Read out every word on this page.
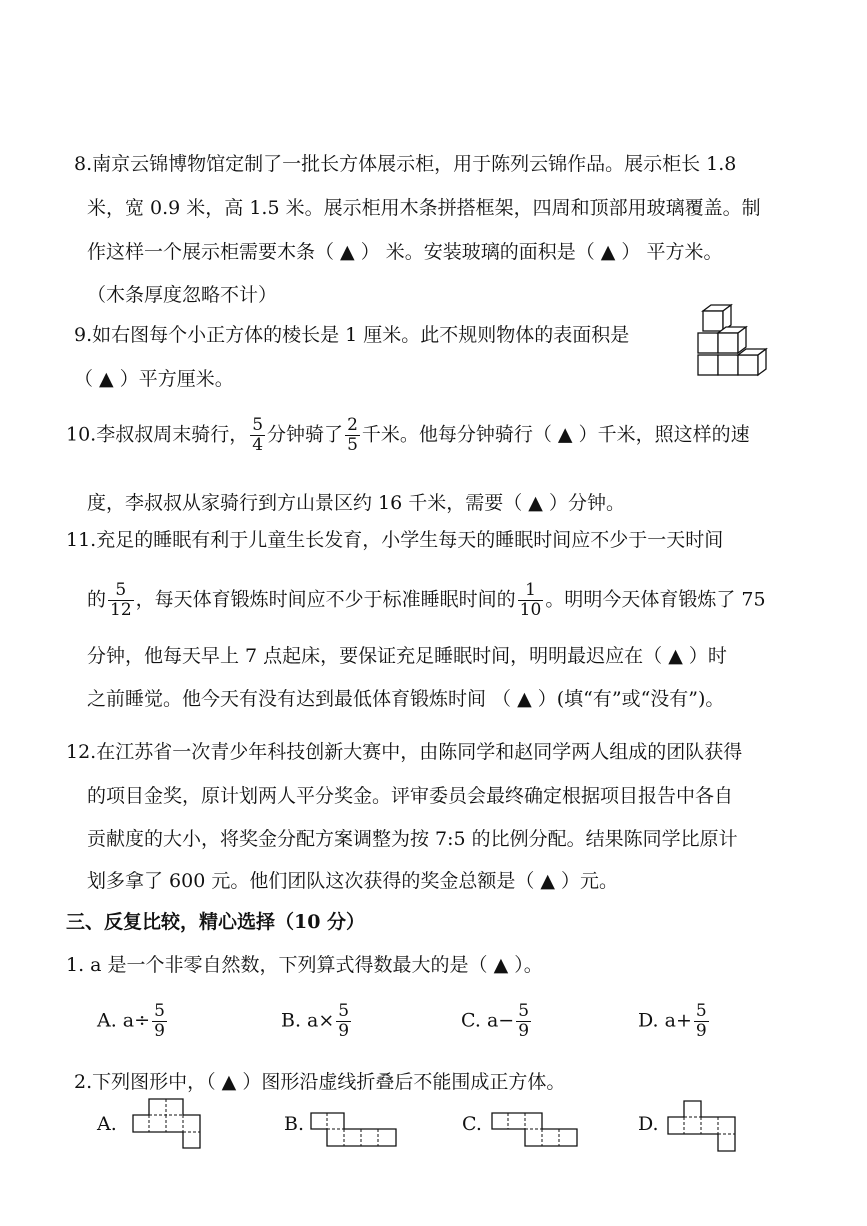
8.南京云锦博物馆定制了一批长方体展示柜，用于陈列云锦作品。展示柜长 1.8
米，宽 0.9 米，高 1.5 米。展示柜用木条拼搭框架，四周和顶部用玻璃覆盖。制
作这样一个展示柜需要木条（ ▲ ） 米。安装玻璃的面积是（ ▲ ） 平方米。
（木条厚度忽略不计）
9.如右图每个小正方体的棱长是 1 厘米。此不规则物体的表面积是
（ ▲ ）平方厘米。
10.李叔叔周末骑行， $\frac{5}{4}$ 分钟骑了 $\frac{2}{5}$ 千米。他每分钟骑行（ ▲ ）千米，照这样的速
度，李叔叔从家骑行到方山景区约 16 千米，需要（ ▲ ）分钟。
11.充足的睡眠有利于儿童生长发育，小学生每天的睡眠时间应不少于一天时间
的 $\frac{5}{12}$ ，每天体育锻炼时间应不少于标准睡眠时间的 $\frac{1}{10}$ 。明明今天体育锻炼了 75
分钟，他每天早上 7 点起床，要保证充足睡眠时间，明明最迟应在（ ▲ ）时
之前睡觉。他今天有没有达到最低体育锻炼时间 （ ▲ ）(填“有”或“没有”)。
12.在江苏省一次青少年科技创新大赛中，由陈同学和赵同学两人组成的团队获得
的项目金奖，原计划两人平分奖金。评审委员会最终确定根据项目报告中各自
贡献度的大小，将奖金分配方案调整为按 7:5 的比例分配。结果陈同学比原计
划多拿了 600 元。他们团队这次获得的奖金总额是（ ▲ ）元。
三、反复比较，精心选择（10 分）
1. a 是一个非零自然数，下列算式得数最大的是（ ▲ ）。
A. $a\div \frac{5}{9}$	B. $a\times \frac{5}{9}$	C. $a- \frac{5}{9}$	D. $a+ \frac{5}{9}$
2.下列图形中，（ ▲ ）图形沿虚线折叠后不能围成正方体。
A.	B.	C.	D.
